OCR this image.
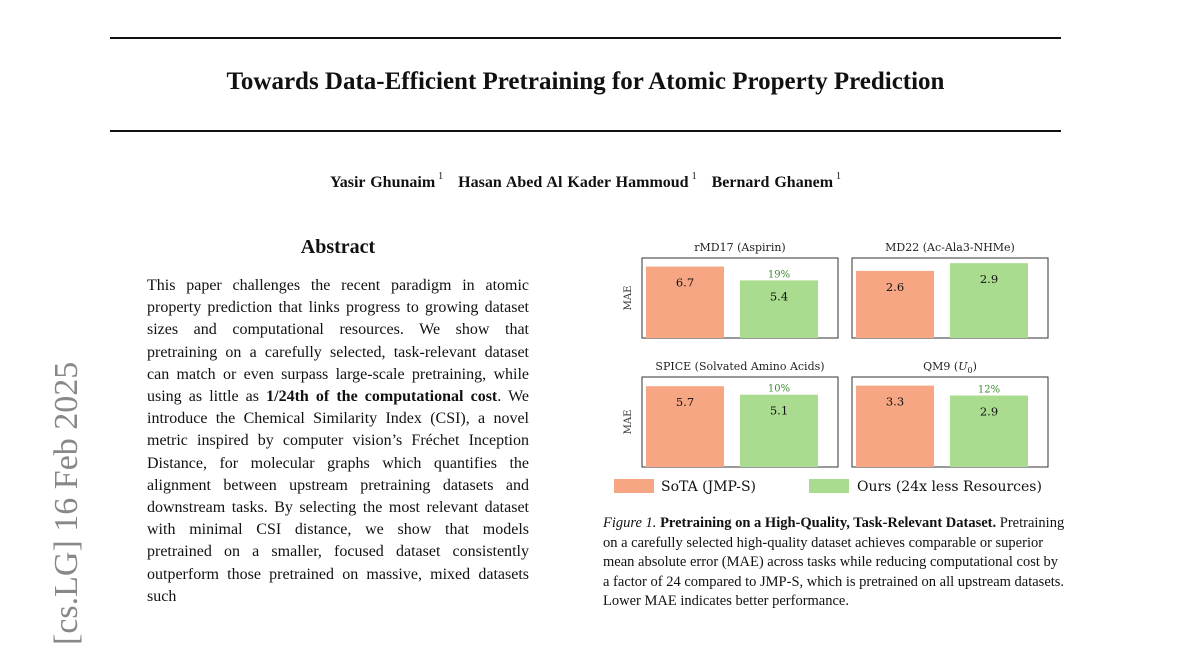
Towards Data-Efficient Pretraining for Atomic Property Prediction
Yasir Ghunaim $^1$ Hasan Abed Al Kader Hammoud $^1$ Bernard Ghanem $^1$
[cs.LG] 16 Feb 2025
Abstract
This paper challenges the recent paradigm in atomic property prediction that links progress to growing dataset sizes and computational resources. We show that pretraining on a carefully selected, task-relevant dataset can match or even surpass large-scale pretraining, while using as little as 1/24th of the computational cost. We introduce the Chemical Similarity Index (CSI), a novel metric inspired by computer vision’s Fréchet Inception Distance, for molecular graphs which quantifies the alignment between upstream pretraining datasets and downstream tasks. By selecting the most relevant dataset with minimal CSI distance, we show that models pretrained on a smaller, focused dataset consistently outperform those pretrained on massive, mixed datasets such
rMD17 (Aspirin)
MAE
6.7
5.4
19%
MD22 (Ac-Ala3-NHMe)
2.6
2.9
SPICE (Solvated Amino Acids)
MAE
5.7
5.1
10%
QM9 $(U_0)$
3.3
2.9
12%
SoTA (JMP-S)	Ours (24x less Resources)
Figure 1. Pretraining on a High-Quality, Task-Relevant Dataset. Pretraining on a carefully selected high-quality dataset achieves comparable or superior mean absolute error (MAE) across tasks while reducing computational cost by a factor of 24 compared to JMP-S, which is pretrained on all upstream datasets. Lower MAE indicates better performance.
